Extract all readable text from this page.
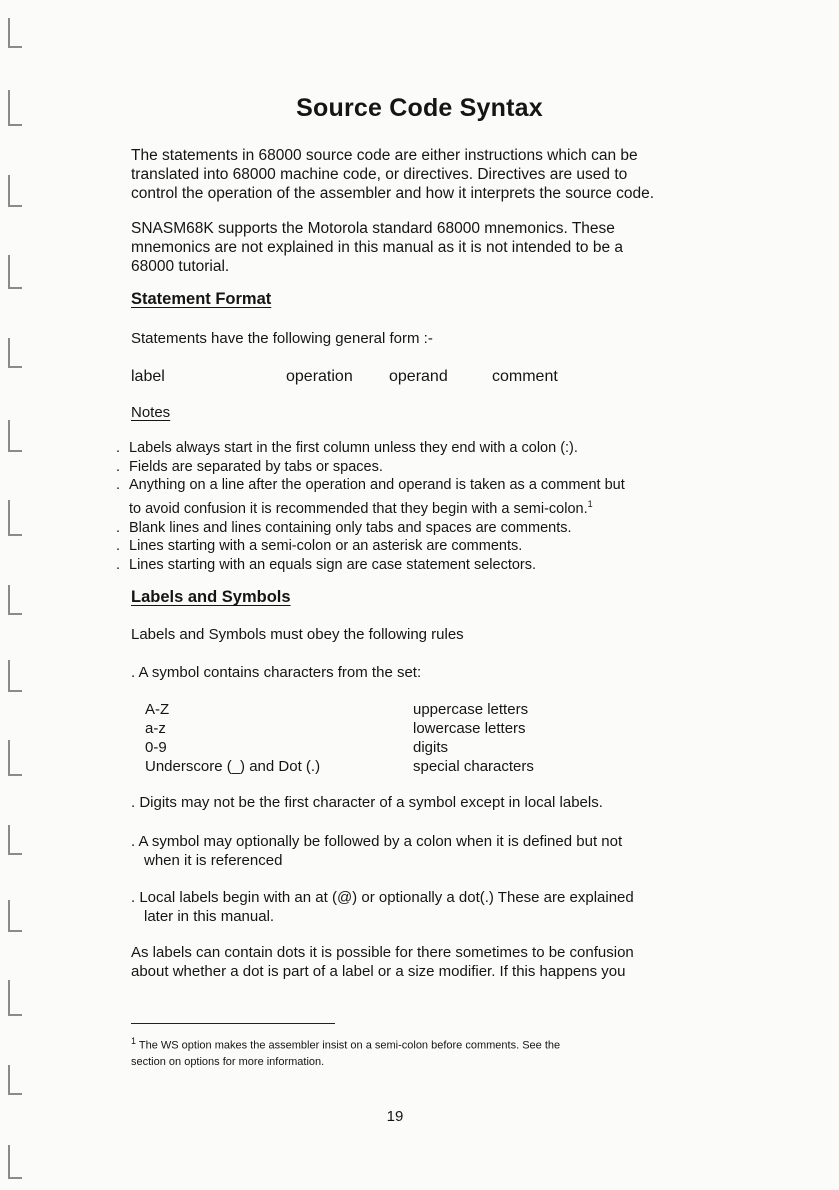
Source Code Syntax

The statements in 68000 source code are either instructions which can be
translated into 68000 machine code, or directives. Directives are used to
control the operation of the assembler and how it interprets the source code.

SNASM68K supports the Motorola standard 68000 mnemonics. These
mnemonics are not explained in this manual as it is not intended to be a
68000 tutorial.

Statement Format
Statements have the following general form :-
label	operation operand	comment
Notes
. Labels always start in the first column unless they end with a colon (:).
. Fields are separated by tabs or spaces.
. Anything on a line after the operation and operand is taken as a comment but
to avoid confusion it is recommended that they begin with a semi-colon.$^1$
. Blank lines and lines containing only tabs and spaces are comments.
. Lines starting with a semi-colon or an asterisk are comments.
. Lines starting with an equals sign are case statement selectors.
Labels and Symbols
Labels and Symbols must obey the following rules
. A symbol contains characters from the set:
A-Z	uppercase letters
a-z	lowercase letters
0-9	digits
Underscore (_) and Dot (.)	special characters
. Digits may not be the first character of a symbol except in local labels.

. A symbol may optionally be followed by a colon when it is defined but not
when it is referenced

. Local labels begin with an at (@) or optionally a dot(.) These are explained
later in this manual.

As labels can contain dots it is possible for there sometimes to be confusion
about whether a dot is part of a label or a size modifier. If this happens you

$^1$ The WS option makes the assembler insist on a semi-colon before comments. See the
section on options for more information.
19
